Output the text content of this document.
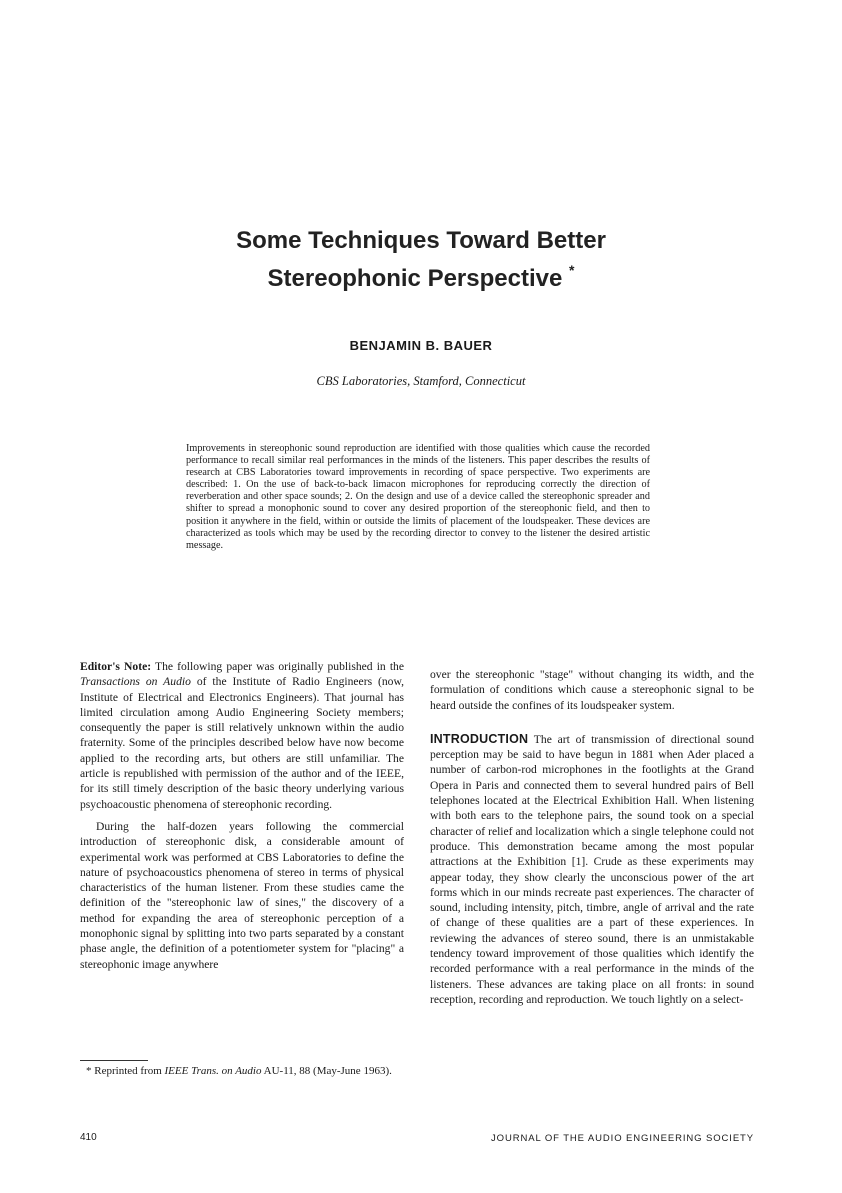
Some Techniques Toward Better
Stereophonic Perspective *
BENJAMIN B. BAUER
CBS Laboratories, Stamford, Connecticut
Improvements in stereophonic sound reproduction are identified with those qualities which cause the recorded performance to recall similar real performances in the minds of the listeners. This paper describes the results of research at CBS Laboratories toward improvements in recording of space perspective. Two experiments are described: 1. On the use of back-to-back limacon microphones for reproducing correctly the direction of reverberation and other space sounds; 2. On the design and use of a device called the stereophonic spreader and shifter to spread a monophonic sound to cover any desired proportion of the stereophonic field, and then to position it anywhere in the field, within or outside the limits of placement of the loudspeaker. These devices are characterized as tools which may be used by the recording director to convey to the listener the desired artistic message.

Editor's Note: The following paper was originally published in the Transactions on Audio of the Institute of Radio Engineers (now, Institute of Electrical and Electronics Engineers). That journal has limited circulation among Audio Engineering Society members; consequently the paper is still relatively unknown within the audio fraternity. Some of the principles described below have now become applied to the recording arts, but others are still unfamiliar. The article is republished with permission of the author and of the IEEE, for its still timely description of the basic theory underlying various psychoacoustic phenomena of stereophonic recording.

During the half-dozen years following the commercial introduction of stereophonic disk, a considerable amount of experimental work was performed at CBS Laboratories to define the nature of psychoacoustics phenomena of stereo in terms of physical characteristics of the human listener. From these studies came the definition of the "stereophonic law of sines," the discovery of a method for expanding the area of stereophonic perception of a monophonic signal by splitting into two parts separated by a constant phase angle, the definition of a potentiometer system for "placing" a stereophonic image anywhere

over the stereophonic "stage" without changing its width, and the formulation of conditions which cause a stereophonic signal to be heard outside the confines of its loudspeaker system.

INTRODUCTION The art of transmission of directional sound perception may be said to have begun in 1881 when Ader placed a number of carbon-rod microphones in the footlights at the Grand Opera in Paris and connected them to several hundred pairs of Bell telephones located at the Electrical Exhibition Hall. When listening with both ears to the telephone pairs, the sound took on a special character of relief and localization which a single telephone could not produce. This demonstration became among the most popular attractions at the Exhibition [1]. Crude as these experiments may appear today, they show clearly the unconscious power of the art forms which in our minds recreate past experiences. The character of sound, including intensity, pitch, timbre, angle of arrival and the rate of change of these qualities are a part of these experiences. In reviewing the advances of stereo sound, there is an unmistakable tendency toward improvement of those qualities which identify the recorded performance with a real performance in the minds of the listeners. These advances are taking place on all fronts: in sound reception, recording and reproduction. We touch lightly on a select-

* Reprinted from IEEE Trans. on Audio AU-11, 88 (May-June 1963).
410	JOURNAL OF THE AUDIO ENGINEERING SOCIETY
